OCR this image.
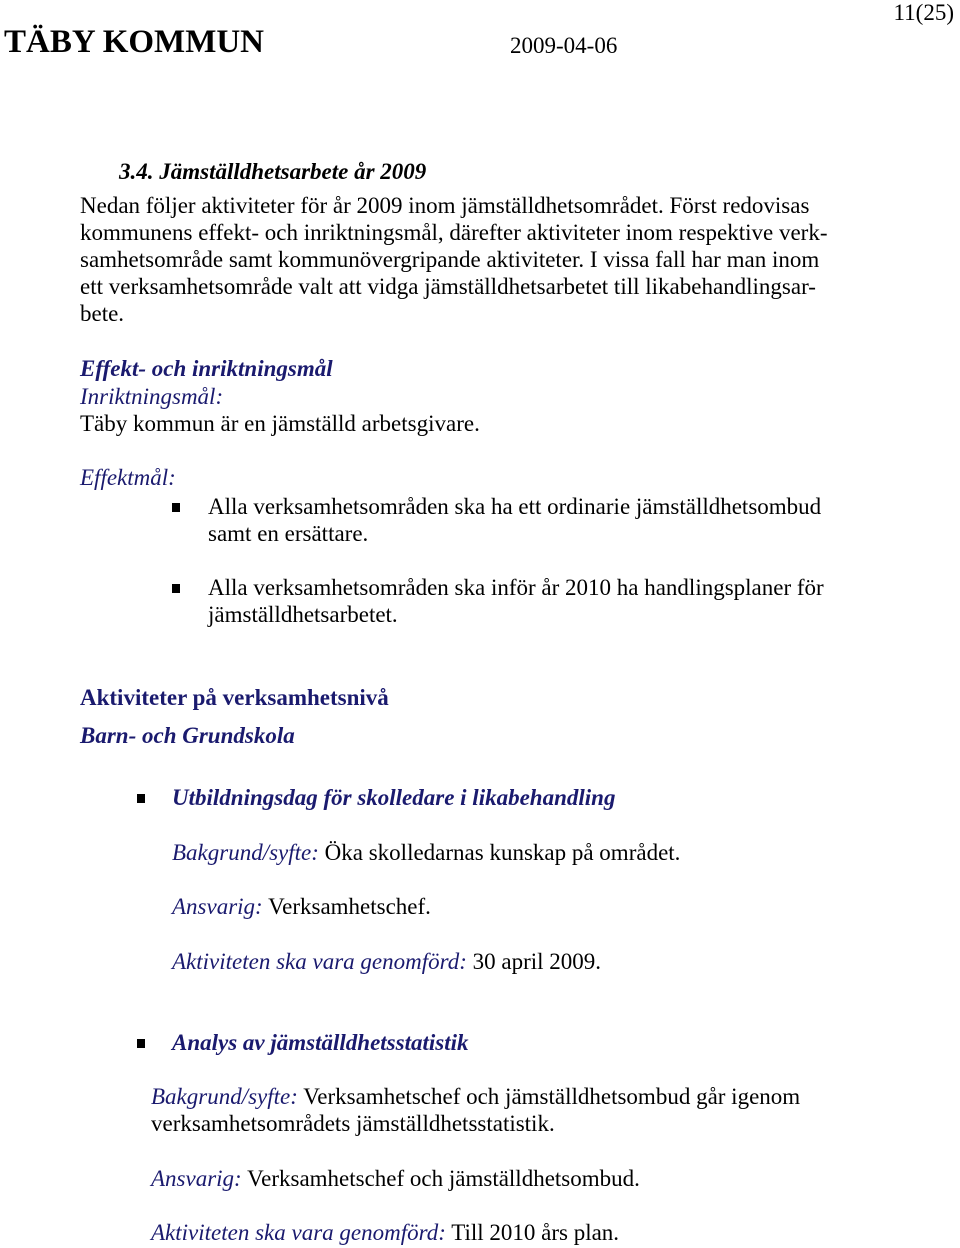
11(25)
TÄBY KOMMUN	2009-04-06
3.4. Jämställdhetsarbete år 2009
Nedan följer aktiviteter för år 2009 inom jämställdhetsområdet. Först redovisas
kommunens effekt- och inriktningsmål, därefter aktiviteter inom respektive verk-
samhetsområde samt kommunövergripande aktiviteter. I vissa fall har man inom
ett verksamhetsområde valt att vidga jämställdhetsarbetet till likabehandlingsar-
bete.
Effekt- och inriktningsmål
Inriktningsmål:
Täby kommun är en jämställd arbetsgivare.
Effektmål:
Alla verksamhetsområden ska ha ett ordinarie jämställdhetsombud
samt en ersättare.
Alla verksamhetsområden ska inför år 2010 ha handlingsplaner för
jämställdhetsarbetet.
Aktiviteter på verksamhetsnivå
Barn- och Grundskola
Utbildningsdag för skolledare i likabehandling
Bakgrund/syfte: Öka skolledarnas kunskap på området.
Ansvarig: Verksamhetschef.
Aktiviteten ska vara genomförd: 30 april 2009.
Analys av jämställdhetsstatistik
Bakgrund/syfte: Verksamhetschef och jämställdhetsombud går igenom
verksamhetsområdets jämställdhetsstatistik.
Ansvarig: Verksamhetschef och jämställdhetsombud.
Aktiviteten ska vara genomförd: Till 2010 års plan.
